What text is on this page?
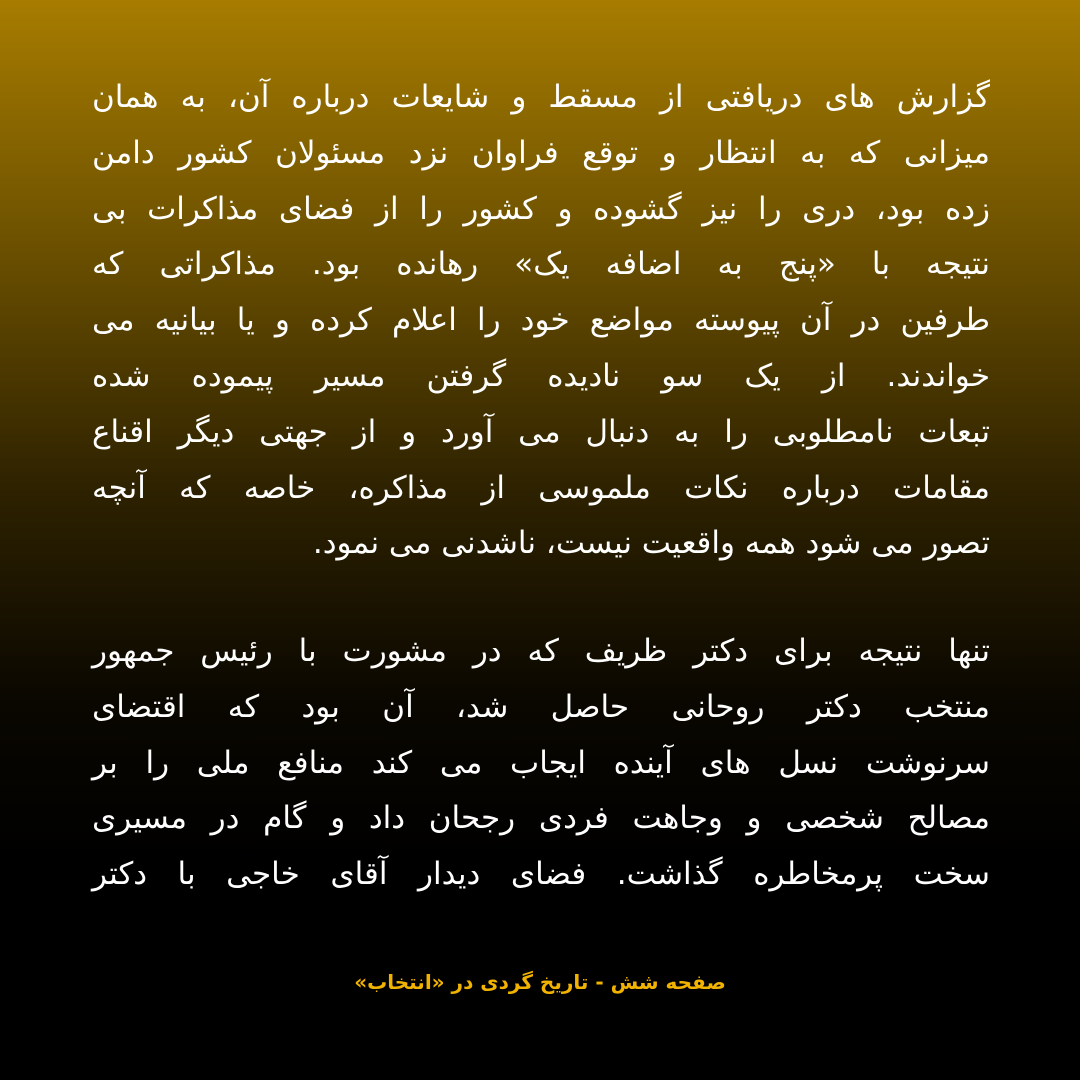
گزارش های دریافتی از مسقط و شایعات درباره آن، به همان
میزانی که به انتظار و توقع فراوان نزد مسئولان کشور دامن
زده بود، دری را نیز گشوده و کشور را از فضای مذاکرات بی
نتیجه با «پنج به اضافه یک» رهانده بود. مذاکراتی که
طرفین در آن پیوسته مواضع خود را اعلام کرده و یا بیانیه می
خواندند. از یک سو نادیده گرفتن مسیر پیموده شده
تبعات نامطلوبی را به دنبال می آورد و از جهتی دیگر اقناع
مقامات درباره نکات ملموسی از مذاکره، خاصه که آنچه
تصور می شود همه واقعیت نیست، ناشدنی می نمود.
تنها نتیجه برای دکتر ظریف که در مشورت با رئیس جمهور
منتخب دکتر روحانی حاصل شد، آن بود که اقتضای
سرنوشت نسل های آینده ایجاب می کند منافع ملی را بر
مصالح شخصی و وجاهت فردی رجحان داد و گام در مسیری
سخت پرمخاطره گذاشت. فضای دیدار آقای خاجی با دکتر
صفحه شش - تاریخ گردی در «انتخاب»
